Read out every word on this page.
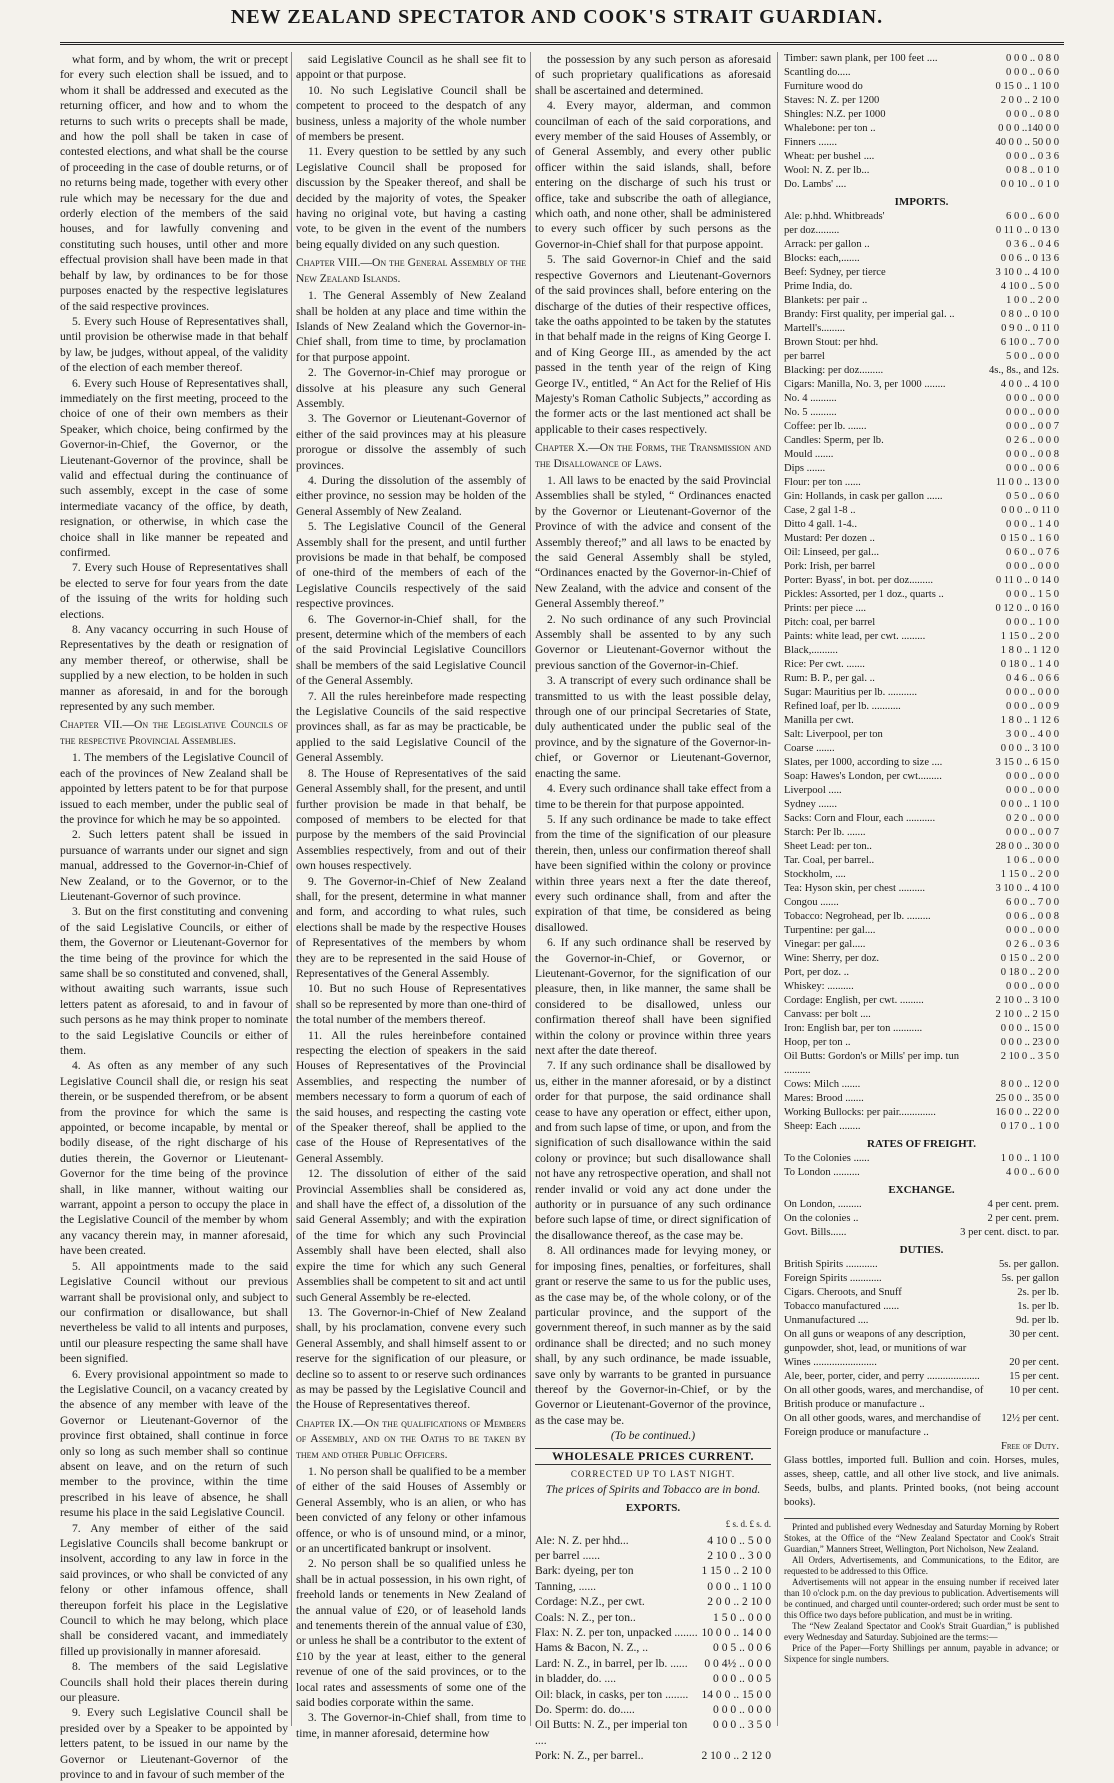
NEW ZEALAND SPECTATOR AND COOK'S STRAIT GUARDIAN.

what form, and by whom, the writ or precept for every such election shall be issued, and to whom it shall be addressed and executed as the returning officer, and how and to whom the returns to such writs o precepts shall be made, and how the poll shall be taken in case of contested elections, and what shall be the course of proceeding in the case of double returns, or of no returns being made, together with every other rule which may be necessary for the due and orderly election of the members of the said houses, and for lawfully convening and constituting such houses, until other and more effectual provision shall have been made in that behalf by law, by ordinances to be for those purposes enacted by the respective legislatures of the said respective provinces.

5. Every such House of Representatives shall, until provision be otherwise made in that behalf by law, be judges, without appeal, of the validity of the election of each member thereof.

6. Every such House of Representatives shall, immediately on the first meeting, proceed to the choice of one of their own members as their Speaker, which choice, being confirmed by the Governor-in-Chief, the Governor, or the Lieutenant-Governor of the province, shall be valid and effectual during the continuance of such assembly, except in the case of some intermediate vacancy of the office, by death, resignation, or otherwise, in which case the choice shall in like manner be repeated and confirmed.

7. Every such House of Representatives shall be elected to serve for four years from the date of the issuing of the writs for holding such elections.

8. Any vacancy occurring in such House of Representatives by the death or resignation of any member thereof, or otherwise, shall be supplied by a new election, to be holden in such manner as aforesaid, in and for the borough represented by any such member.

Chapter VII.—On the Legislative Councils of the respective Provincial Assemblies.

1. The members of the Legislative Council of each of the provinces of New Zealand shall be appointed by letters patent to be for that purpose issued to each member, under the public seal of the province for which he may be so appointed.

2. Such letters patent shall be issued in pursuance of warrants under our signet and sign manual, addressed to the Governor-in-Chief of New Zealand, or to the Governor, or to the Lieutenant-Governor of such province.

3. But on the first constituting and convening of the said Legislative Councils, or either of them, the Governor or Lieutenant-Governor for the time being of the province for which the same shall be so constituted and convened, shall, without awaiting such warrants, issue such letters patent as aforesaid, to and in favour of such persons as he may think proper to nominate to the said Legislative Councils or either of them.

4. As often as any member of any such Legislative Council shall die, or resign his seat therein, or be suspended therefrom, or be absent from the province for which the same is appointed, or become incapable, by mental or bodily disease, of the right discharge of his duties therein, the Governor or Lieutenant-Governor for the time being of the province shall, in like manner, without waiting our warrant, appoint a person to occupy the place in the Legislative Council of the member by whom any vacancy therein may, in manner aforesaid, have been created.

5. All appointments made to the said Legislative Council without our previous warrant shall be provisional only, and subject to our confirmation or disallowance, but shall nevertheless be valid to all intents and purposes, until our pleasure respecting the same shall have been signified.

6. Every provisional appointment so made to the Legislative Council, on a vacancy created by the absence of any member with leave of the Governor or Lieutenant-Governor of the province first obtained, shall continue in force only so long as such member shall so continue absent on leave, and on the return of such member to the province, within the time prescribed in his leave of absence, he shall resume his place in the said Legislative Council.

7. Any member of either of the said Legislative Councils shall become bankrupt or insolvent, according to any law in force in the said provinces, or who shall be convicted of any felony or other infamous offence, shall thereupon forfeit his place in the Legislative Council to which he may belong, which place shall be considered vacant, and immediately filled up provisionally in manner aforesaid.

8. The members of the said Legislative Councils shall hold their places therein during our pleasure.

9. Every such Legislative Council shall be presided over by a Speaker to be appointed by letters patent, to be issued in our name by the Governor or Lieutenant-Governor of the province to and in favour of such member of the

said Legislative Council as he shall see fit to appoint or that purpose.

10. No such Legislative Council shall be competent to proceed to the despatch of any business, unless a majority of the whole number of members be present.

11. Every question to be settled by any such Legislative Council shall be proposed for discussion by the Speaker thereof, and shall be decided by the majority of votes, the Speaker having no original vote, but having a casting vote, to be given in the event of the numbers being equally divided on any such question.

Chapter VIII.—On the General Assembly of the New Zealand Islands.

1. The General Assembly of New Zealand shall be holden at any place and time within the Islands of New Zealand which the Governor-in-Chief shall, from time to time, by proclamation for that purpose appoint.

2. The Governor-in-Chief may prorogue or dissolve at his pleasure any such General Assembly.

3. The Governor or Lieutenant-Governor of either of the said provinces may at his pleasure prorogue or dissolve the assembly of such provinces.

4. During the dissolution of the assembly of either province, no session may be holden of the General Assembly of New Zealand.

5. The Legislative Council of the General Assembly shall for the present, and until further provisions be made in that behalf, be composed of one-third of the members of each of the Legislative Councils respectively of the said respective provinces.

6. The Governor-in-Chief shall, for the present, determine which of the members of each of the said Provincial Legislative Councillors shall be members of the said Legislative Council of the General Assembly.

7. All the rules hereinbefore made respecting the Legislative Councils of the said respective provinces shall, as far as may be practicable, be applied to the said Legislative Council of the General Assembly.

8. The House of Representatives of the said General Assembly shall, for the present, and until further provision be made in that behalf, be composed of members to be elected for that purpose by the members of the said Provincial Assemblies respectively, from and out of their own houses respectively.

9. The Governor-in-Chief of New Zealand shall, for the present, determine in what manner and form, and according to what rules, such elections shall be made by the respective Houses of Representatives of the members by whom they are to be represented in the said House of Representatives of the General Assembly.

10. But no such House of Representatives shall so be represented by more than one-third of the total number of the members thereof.

11. All the rules hereinbefore contained respecting the election of speakers in the said Houses of Representatives of the Provincial Assemblies, and respecting the number of members necessary to form a quorum of each of the said houses, and respecting the casting vote of the Speaker thereof, shall be applied to the case of the House of Representatives of the General Assembly.

12. The dissolution of either of the said Provincial Assemblies shall be considered as, and shall have the effect of, a dissolution of the said General Assembly; and with the expiration of the time for which any such Provincial Assembly shall have been elected, shall also expire the time for which any such General Assemblies shall be competent to sit and act until such General Assembly be re-elected.

13. The Governor-in-Chief of New Zealand shall, by his proclamation, convene every such General Assembly, and shall himself assent to or reserve for the signification of our pleasure, or decline so to assent to or reserve such ordinances as may be passed by the Legislative Council and the House of Representatives thereof.

Chapter IX.—On the qualifications of Members of Assembly, and on the Oaths to be taken by them and other Public Officers.

1. No person shall be qualified to be a member of either of the said Houses of Assembly or General Assembly, who is an alien, or who has been convicted of any felony or other infamous offence, or who is of unsound mind, or a minor, or an uncertificated bankrupt or insolvent.

2. No person shall be so qualified unless he shall be in actual possession, in his own right, of freehold lands or tenements in New Zealand of the annual value of £20, or of leasehold lands and tenements therein of the annual value of £30, or unless he shall be a contributor to the extent of £10 by the year at least, either to the general revenue of one of the said provinces, or to the local rates and assessments of some one of the said bodies corporate within the same.

3. The Governor-in-Chief shall, from time to time, in manner aforesaid, determine how

the possession by any such person as aforesaid of such proprietary qualifications as aforesaid shall be ascertained and determined.

4. Every mayor, alderman, and common councilman of each of the said corporations, and every member of the said Houses of Assembly, or of General Assembly, and every other public officer within the said islands, shall, before entering on the discharge of such his trust or office, take and subscribe the oath of allegiance, which oath, and none other, shall be administered to every such officer by such persons as the Governor-in-Chief shall for that purpose appoint.

5. The said Governor-in Chief and the said respective Governors and Lieutenant-Governors of the said provinces shall, before entering on the discharge of the duties of their respective offices, take the oaths appointed to be taken by the statutes in that behalf made in the reigns of King George I. and of King George III., as amended by the act passed in the tenth year of the reign of King George IV., entitled, “ An Act for the Relief of His Majesty's Roman Catholic Subjects,” according as the former acts or the last mentioned act shall be applicable to their cases respectively.

Chapter X.—On the Forms, the Transmission and the Disallowance of Laws.

1. All laws to be enacted by the said Provincial Assemblies shall be styled, “ Ordinances enacted by the Governor or Lieutenant-Governor of the Province of with the advice and consent of the Assembly thereof;” and all laws to be enacted by the said General Assembly shall be styled, “Ordinances enacted by the Governor-in-Chief of New Zealand, with the advice and consent of the General Assembly thereof.”

2. No such ordinance of any such Provincial Assembly shall be assented to by any such Governor or Lieutenant-Governor without the previous sanction of the Governor-in-Chief.

3. A transcript of every such ordinance shall be transmitted to us with the least possible delay, through one of our principal Secretaries of State, duly authenticated under the public seal of the province, and by the signature of the Governor-in-chief, or Governor or Lieutenant-Governor, enacting the same.

4. Every such ordinance shall take effect from a time to be therein for that purpose appointed.

5. If any such ordinance be made to take effect from the time of the signification of our pleasure therein, then, unless our confirmation thereof shall have been signified within the colony or province within three years next a fter the date thereof, every such ordinance shall, from and after the expiration of that time, be considered as being disallowed.

6. If any such ordinance shall be reserved by the Governor-in-Chief, or Governor, or Lieutenant-Governor, for the signification of our pleasure, then, in like manner, the same shall be considered to be disallowed, unless our confirmation thereof shall have been signified within the colony or province within three years next after the date thereof.

7. If any such ordinance shall be disallowed by us, either in the manner aforesaid, or by a distinct order for that purpose, the said ordinance shall cease to have any operation or effect, either upon, and from such lapse of time, or upon, and from the signification of such disallowance within the said colony or province; but such disallowance shall not have any retrospective operation, and shall not render invalid or void any act done under the authority or in pursuance of any such ordinance before such lapse of time, or direct signification of the disallowance thereof, as the case may be.

8. All ordinances made for levying money, or for imposing fines, penalties, or forfeitures, shall grant or reserve the same to us for the public uses, as the case may be, of the whole colony, or of the particular province, and the support of the government thereof, in such manner as by the said ordinance shall be directed; and no such money shall, by any such ordinance, be made issuable, save only by warrants to be granted in pursuance thereof by the Governor-in-Chief, or by the Governor or Lieutenant-Governor of the province, as the case may be.

(To be continued.)
WHOLESALE PRICES CURRENT.
CORRECTED UP TO LAST NIGHT.
The prices of Spirits and Tobacco are in bond.
EXPORTS.
£ s. d. £ s. d.
Ale: N. Z. per hhd...	4 10 0 .. 5 0 0
per barrel ......	2 10 0 .. 3 0 0
Bark: dyeing, per ton	1 15 0 .. 2 10 0
Tanning, ......	0 0 0 .. 1 10 0
Cordage: N.Z., per cwt.	2 0 0 .. 2 10 0
Coals: N. Z., per ton..	1 5 0 .. 0 0 0
Flax: N. Z. per ton, unpacked ........	10 0 0 .. 14 0 0
Hams & Bacon, N. Z., ..	0 0 5 .. 0 0 6
Lard: N. Z., in barrel, per lb. ......	0 0 4½ .. 0 0 0
in bladder, do. ....	0 0 0 .. 0 0 5
Oil: black, in casks, per ton ........	14 0 0 .. 15 0 0
Do. Sperm: do. do.....	0 0 0 .. 0 0 0
Oil Butts: N. Z., per imperial ton ....	0 0 0 .. 3 5 0
Pork: N. Z., per barrel..	2 10 0 .. 2 12 0
Timber: sawn plank, per 100 feet ....	0 0 0 .. 0 8 0
Scantling do.....	0 0 0 .. 0 6 0
Furniture wood do	0 15 0 .. 1 10 0
Staves: N. Z. per 1200	2 0 0 .. 2 10 0
Shingles: N.Z. per 1000	0 0 0 .. 0 8 0
Whalebone: per ton ..	0 0 0 ..140 0 0
Finners .......	40 0 0 .. 50 0 0
Wheat: per bushel ....	0 0 0 .. 0 3 6
Wool: N. Z. per lb...	0 0 8 .. 0 1 0
Do. Lambs' ....	0 0 10 .. 0 1 0
IMPORTS.
Ale: p.hhd. Whitbreads'	6 0 0 .. 6 0 0
per doz.........	0 11 0 .. 0 13 0
Arrack: per gallon ..	0 3 6 .. 0 4 6
Blocks: each,.......	0 0 6 .. 0 13 6
Beef: Sydney, per tierce	3 10 0 .. 4 10 0
Prime India, do.	4 10 0 .. 5 0 0
Blankets: per pair ..	1 0 0 .. 2 0 0
Brandy: First quality, per imperial gal. ..	0 8 0 .. 0 10 0
Martell's.........	0 9 0 .. 0 11 0
Brown Stout: per hhd.	6 10 0 .. 7 0 0
per barrel	5 0 0 .. 0 0 0
Blacking: per doz.........	4s., 8s., and 12s.
Cigars: Manilla, No. 3, per 1000 ........	4 0 0 .. 4 10 0
No. 4 ..........	0 0 0 .. 0 0 0
No. 5 ..........	0 0 0 .. 0 0 0
Coffee: per lb. .......	0 0 0 .. 0 0 7
Candles: Sperm, per lb.	0 2 6 .. 0 0 0
Mould .......	0 0 0 .. 0 0 8
Dips .......	0 0 0 .. 0 0 6
Flour: per ton ......	11 0 0 .. 13 0 0
Gin: Hollands, in cask per gallon ......	0 5 0 .. 0 6 0
Case, 2 gal 1-8 ..	0 0 0 .. 0 11 0
Ditto 4 gall. 1-4..	0 0 0 .. 1 4 0
Mustard: Per dozen ..	0 15 0 .. 1 6 0
Oil: Linseed, per gal...	0 6 0 .. 0 7 6
Pork: Irish, per barrel	0 0 0 .. 0 0 0
Porter: Byass', in bot. per doz.........	0 11 0 .. 0 14 0
Pickles: Assorted, per 1 doz., quarts ..	0 0 0 .. 1 5 0
Prints: per piece ....	0 12 0 .. 0 16 0
Pitch: coal, per barrel	0 0 0 .. 1 0 0
Paints: white lead, per cwt. .........	1 15 0 .. 2 0 0
Black,..........	1 8 0 .. 1 12 0
Rice: Per cwt. .......	0 18 0 .. 1 4 0
Rum: B. P., per gal. ..	0 4 6 .. 0 6 6
Sugar: Mauritius per lb. ...........	0 0 0 .. 0 0 0
Refined loaf, per lb. ...........	0 0 0 .. 0 0 9
Manilla per cwt.	1 8 0 .. 1 12 6
Salt: Liverpool, per ton	3 0 0 .. 4 0 0
Coarse .......	0 0 0 .. 3 10 0
Slates, per 1000, according to size ....	3 15 0 .. 6 15 0
Soap: Hawes's London, per cwt.........	0 0 0 .. 0 0 0
Liverpool .....	0 0 0 .. 0 0 0
Sydney .......	0 0 0 .. 1 10 0
Sacks: Corn and Flour, each ...........	0 2 0 .. 0 0 0
Starch: Per lb. .......	0 0 0 .. 0 0 7
Sheet Lead: per ton..	28 0 0 .. 30 0 0
Tar. Coal, per barrel..	1 0 6 .. 0 0 0
Stockholm, ....	1 15 0 .. 2 0 0
Tea: Hyson skin, per chest ..........	3 10 0 .. 4 10 0
Congou .......	6 0 0 .. 7 0 0
Tobacco: Negrohead, per lb. .........	0 0 6 .. 0 0 8
Turpentine: per gal....	0 0 0 .. 0 0 0
Vinegar: per gal.....	0 2 6 .. 0 3 6
Wine: Sherry, per doz.	0 15 0 .. 2 0 0
Port, per doz. ..	0 18 0 .. 2 0 0
Whiskey: ..........	0 0 0 .. 0 0 0
Cordage: English, per cwt. .........	2 10 0 .. 3 10 0
Canvass: per bolt ....	2 10 0 .. 2 15 0
Iron: English bar, per ton ...........	0 0 0 .. 15 0 0
Hoop, per ton ..	0 0 0 .. 23 0 0
Oil Butts: Gordon's or Mills' per imp. tun ..........	2 10 0 .. 3 5 0
Cows: Milch .......	8 0 0 .. 12 0 0
Mares: Brood .......	25 0 0 .. 35 0 0
Working Bullocks: per pair..............	16 0 0 .. 22 0 0
Sheep: Each ........	0 17 0 .. 1 0 0
RATES OF FREIGHT.
To the Colonies ......	1 0 0 .. 1 10 0
To London ..........	4 0 0 .. 6 0 0
EXCHANGE.
On London, .........	4 per cent. prem.
On the colonies ..	2 per cent. prem.
Govt. Bills......	3 per cent. disct. to par.
DUTIES.
British Spirits ............	5s. per gallon.
Foreign Spirits ............	5s. per gallon
Cigars. Cheroots, and Snuff	2s. per lb.
Tobacco manufactured ......	1s. per lb.
Unmanufactured ....	9d. per lb.
On all guns or weapons of any description, gunpowder, shot, lead, or munitions of war	30 per cent.
Wines ........................	20 per cent.
Ale, beer, porter, cider, and perry ....................	15 per cent.
On all other goods, wares, and merchandise, of British produce or manufacture ..	10 per cent.
On all other goods, wares, and merchandise of Foreign produce or manufacture ..	12½ per cent.
Free of Duty.
Glass bottles, imported full. Bullion and coin. Horses, mules, asses, sheep, cattle, and all other live stock, and live animals. Seeds, bulbs, and plants. Printed books, (not being account books).

Printed and published every Wednesday and Saturday Morning by Robert Stokes, at the Office of the “New Zealand Spectator and Cook's Strait Guardian,” Manners Street, Wellington, Port Nicholson, New Zealand.

All Orders, Advertisements, and Communications, to the Editor, are requested to be addressed to this Office.

Advertisements will not appear in the ensuing number if received later than 10 o'clock p.m. on the day previous to publication. Advertisements will be continued, and charged until counter-ordered; such order must be sent to this Office two days before publication, and must be in writing.

The “New Zealand Spectator and Cook's Strait Guardian,” is published every Wednesday and Saturday. Subjoined are the terms:—

Price of the Paper—Forty Shillings per annum, payable in advance; or Sixpence for single numbers.
